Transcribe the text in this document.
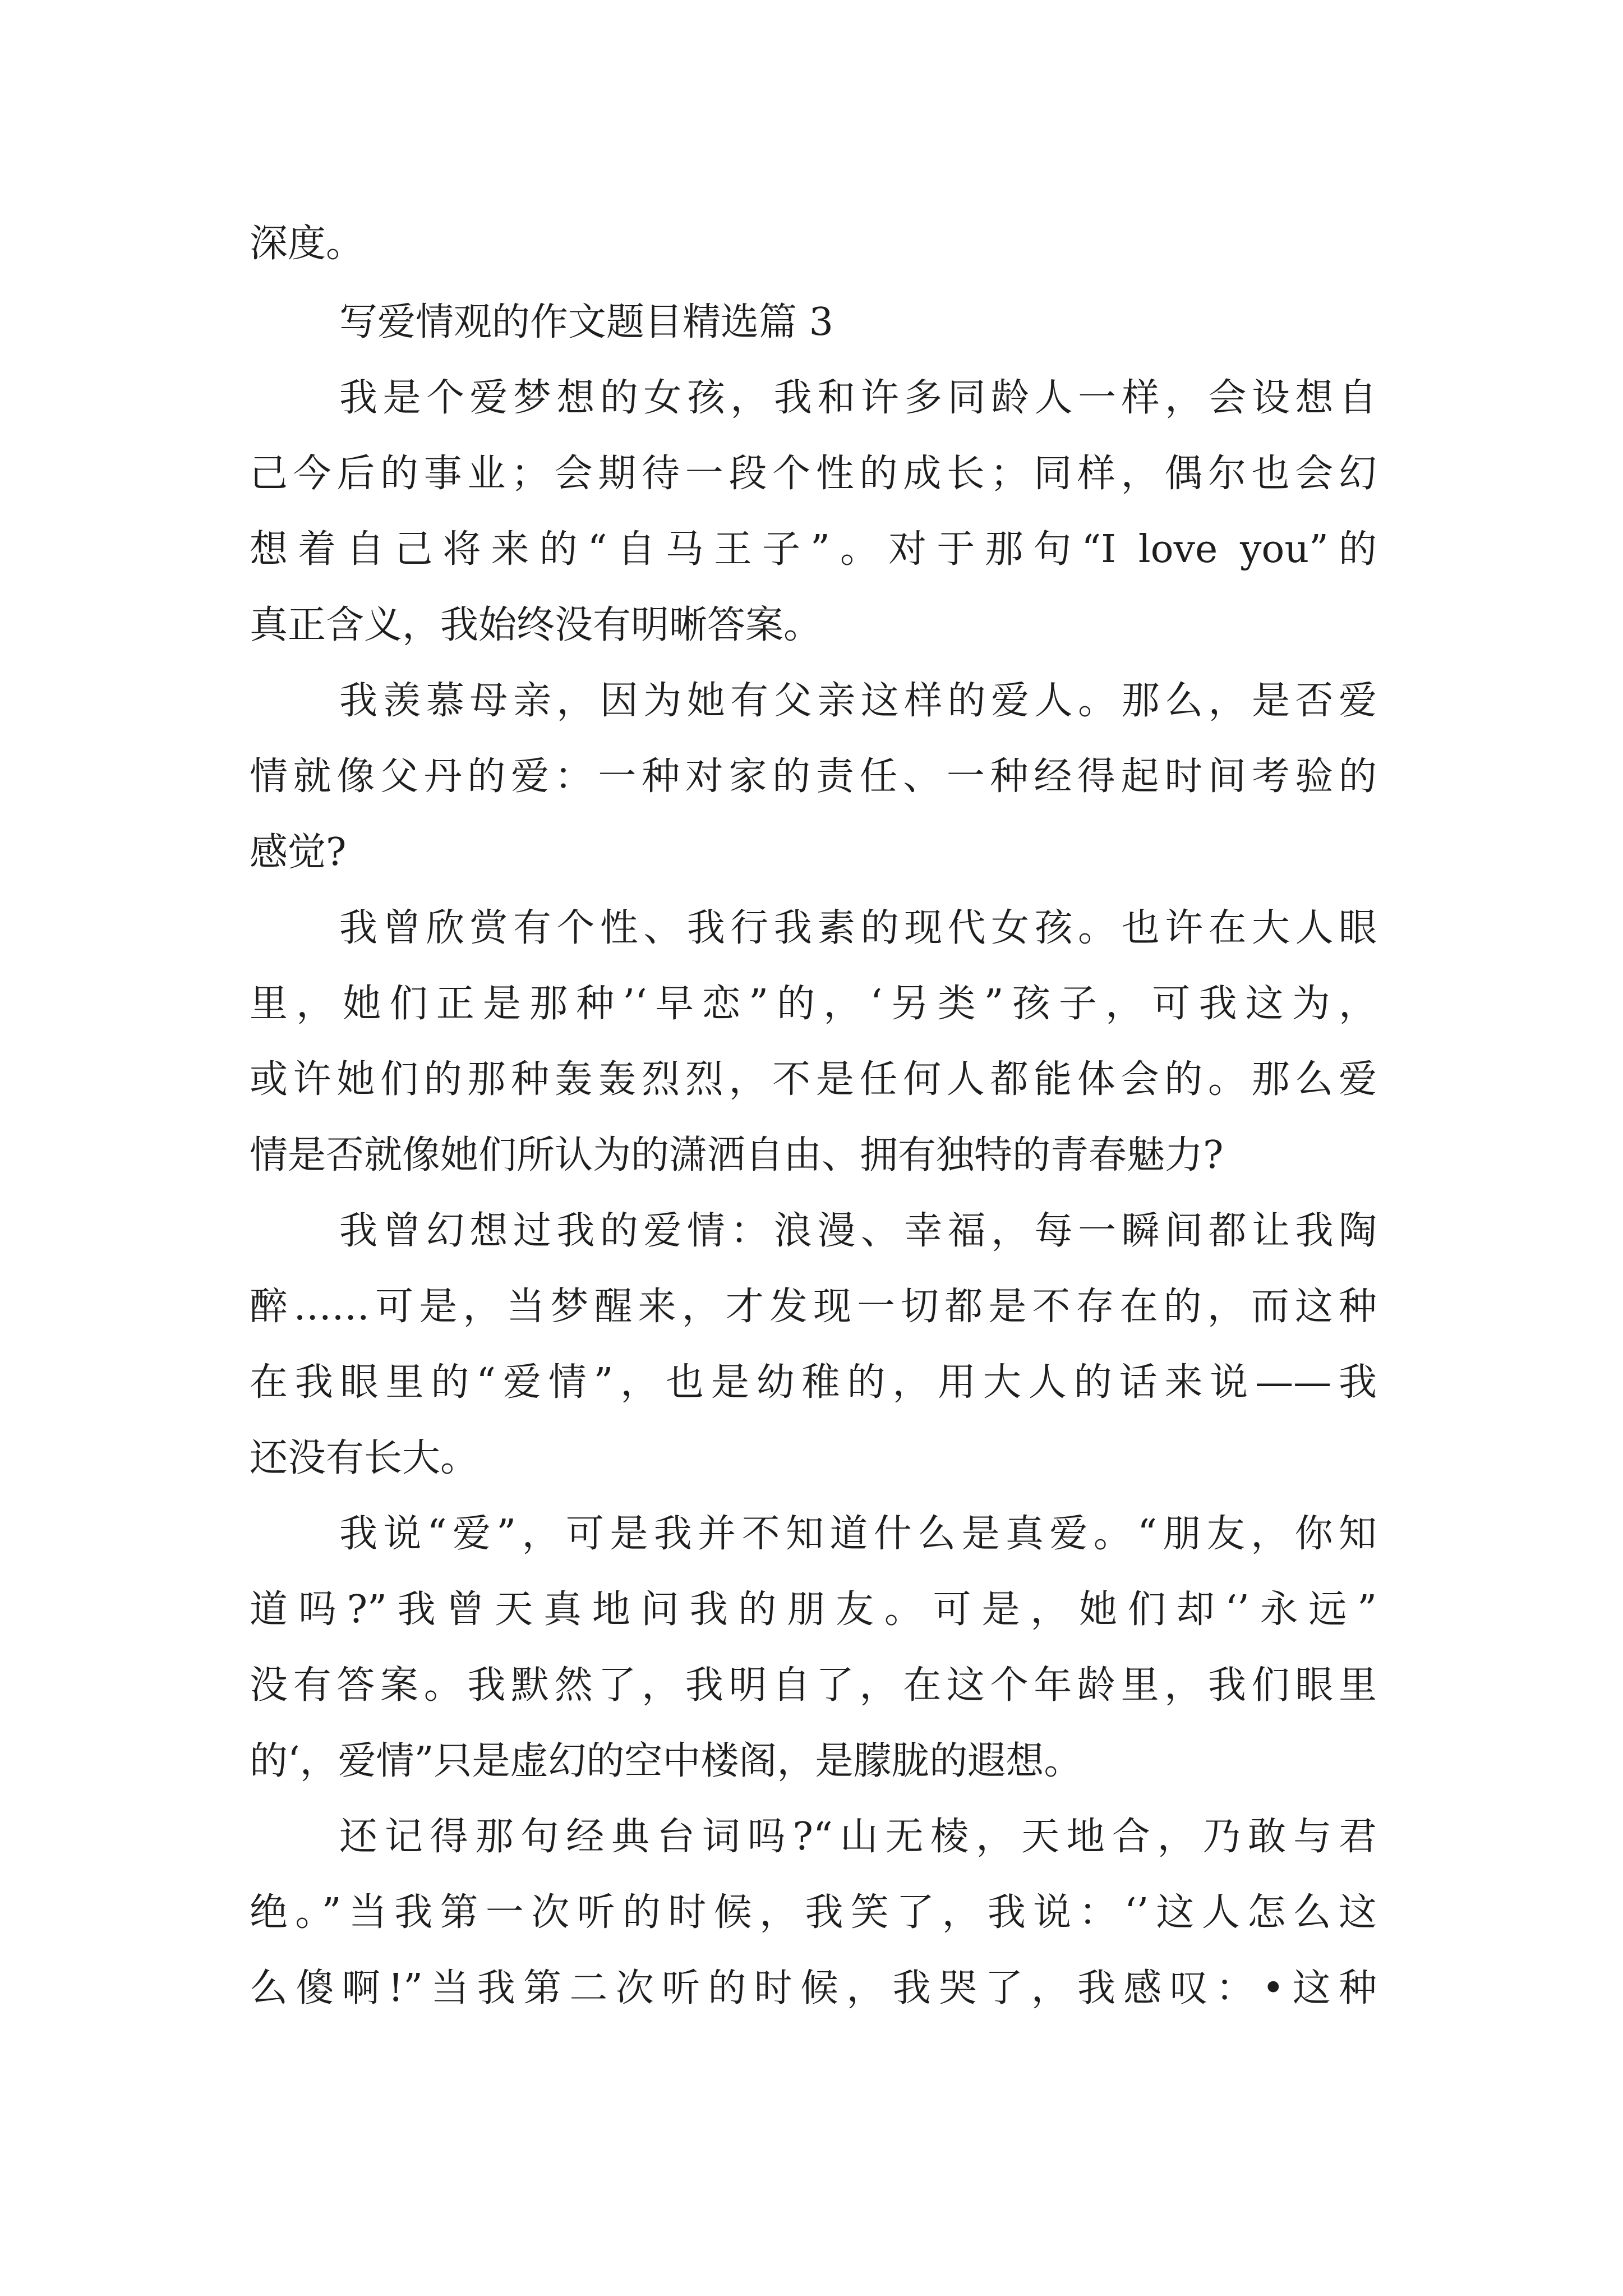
深度。
写爱情观的作文题目精选篇 3
我是个爱梦想的女孩，我和许多同龄人一样，会设想自
己今后的事业；会期待一段个性的成长；同样，偶尔也会幻
想着自己将来的“自马王子”。对于那句“I love you”的
真正含义，我始终没有明晰答案。
我羡慕母亲，因为她有父亲这样的爱人。那么，是否爱
情就像父丹的爱：一种对家的责任、一种经得起时间考验的
感觉?
我曾欣赏有个性、我行我素的现代女孩。也许在大人眼
里，她们正是那种’‘早恋”的，‘另类”孩子，可我这为，
或许她们的那种轰轰烈烈，不是任何人都能体会的。那么爱
情是否就像她们所认为的潇洒自由、拥有独特的青春魅力?
我曾幻想过我的爱情：浪漫、幸福，每一瞬间都让我陶
醉……可是，当梦醒来，才发现一切都是不存在的，而这种
在我眼里的“爱情”，也是幼稚的，用大人的话来说——我
还没有长大。
我说“爱”，可是我并不知道什么是真爱。“朋友，你知
道吗?”我曾天真地问我的朋友。可是，她们却‘’永远”
没有答案。我默然了，我明自了，在这个年龄里，我们眼里
的‘，爱情”只是虚幻的空中楼阁，是朦胧的遐想。
还记得那句经典台词吗?“山无棱，天地合，乃敢与君
绝。”当我第一次听的时候，我笑了，我说：‘’这人怎么这
么傻啊!”当我第二次听的时候，我哭了，我感叹：•这种
